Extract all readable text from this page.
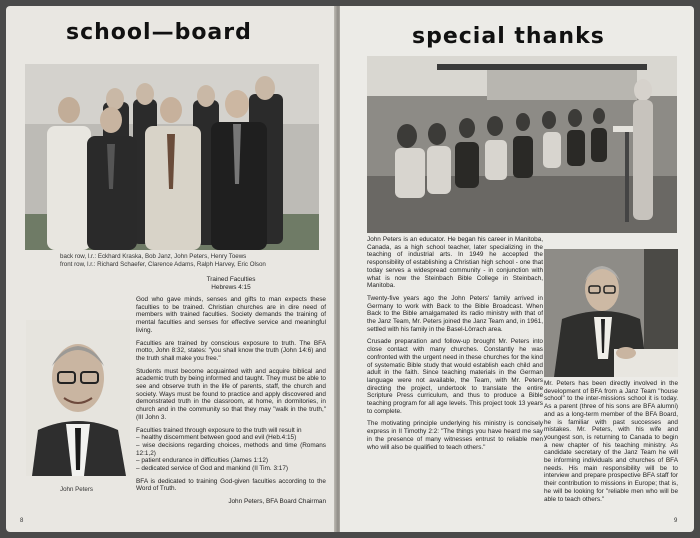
school—board
back row, l.r.: Eckhard Kraska, Bob Janz, John Peters, Henry Toews
front row, l.r.: Richard Schaefer, Clarence Adams, Ralph Harvey, Eric Olson
Trained Faculties
Hebrews 4:15

God who gave minds, senses and gifts to man expects these faculties to be trained. Christian churches are in dire need of members with trained faculties. Society demands the training of mental faculties and senses for effective service and meaningful living.

Faculties are trained by conscious exposure to truth. The BFA motto, John 8:32, states: "you shall know the truth (John 14:6) and the truth shall make you free."

Students must become acquainted with and acquire biblical and academic truth by being informed and taught. They must be able to see and observe truth in the life of parents, staff, the church and society. Ways must be found to practice and apply discovered and demonstrated truth in the classroom, at home, in dormitories, in church and in the community so that they may "walk in the truth," (III John 3.

Faculties trained through exposure to the truth will result in

– healthy discernment between good and evil (Heb.4:15)
– wise decisions regarding choices, methods and time (Romans 12:1,2)
– patient endurance in difficulties (James 1:12)
– dedicated service of God and mankind (II Tim. 3:17)

BFA is dedicated to training God-given faculties according to the Word of Truth.

John Peters, BFA Board Chairman
John Peters
8
special thanks

John Peters is an educator. He began his career in Manitoba, Canada, as a high school teacher, later specializing in the teaching of industrial arts. In 1949 he accepted the responsibility of establishing a Christian high school - one that today serves a widespread community - in conjunction with what is now the Steinbach Bible College in Steinbach, Manitoba.

Twenty-five years ago the John Peters' family arrived in Germany to work with Back to the Bible Broadcast. When Back to the Bible amalgamated its radio ministry with that of the Janz Team, Mr. Peters joined the Janz Team and, in 1961, settled with his family in the Basel-Lörrach area.

Crusade preparation and follow-up brought Mr. Peters into close contact with many churches. Constantly he was confronted with the urgent need in these churches for the kind of systematic Bible study that would establish each child and adult in the faith. Since teaching materials in the German language were not available, the Team, with Mr. Peters directing the project, undertook to translate the entire Scripture Press curriculum, and thus to produce a Bible teaching program for all age levels. This project took 13 years to complete.

The motivating principle underlying his ministry is concisely express in II Timothy 2:2: "The things you have heard me say in the presence of many witnesses entrust to reliable men who will also be qualified to teach others."

Mr. Peters has been directly involved in the development of BFA from a Janz Team "house school" to the inter-missions school it is today. As a parent (three of his sons are BFA alumni) and as a long-term member of the BFA Board, he is familiar with past successes and mistakes. Mr. Peters, with his wife and youngest son, is returning to Canada to begin a new chapter of his teaching ministry. As candidate secretary of the Janz Team he will be informing individuals and churches of BFA needs. His main responsibility will be to interview and prepare prospective BFA staff for their contribution to missions in Europe; that is, he will be looking for "reliable men who will be able to teach others."

9
